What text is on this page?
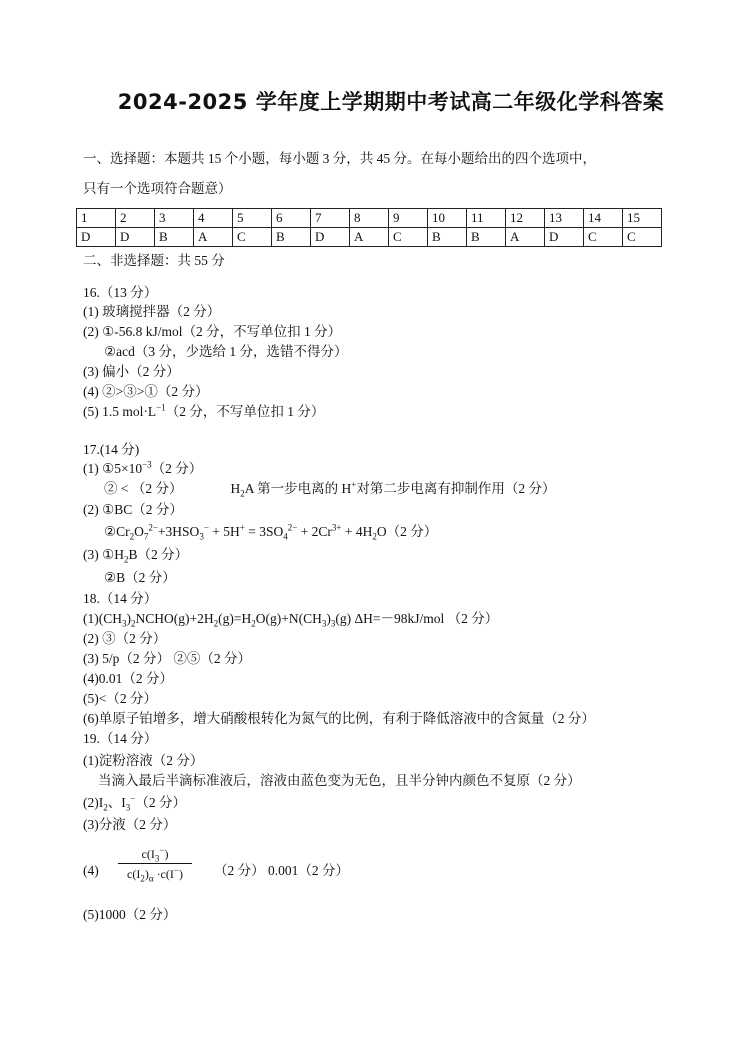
2024-2025 学年度上学期期中考试高二年级化学科答案
一、选择题：本题共 15 个小题，每小题 3 分，共 45 分。在每小题给出的四个选项中，
只有一个选项符合题意）
1	2	3	4	5	6	7	8	9	10	11	12	13	14	15
D	D	B	A	C	B	D	A	C	B	B	A	D	C	C
二、非选择题：共 55 分
16.（13 分）
(1) 玻璃搅拌器（2 分）
(2) ①-56.8 kJ/mol（2 分，不写单位扣 1 分）
②acd（3 分，少选给 1 分，选错不得分）
(3) 偏小（2 分）
(4) ②>③>①（2 分）
(5) 1.5 $mol\cdot L^{-1}(2$ 分，不写单位扣 1 分）
17.(14 分)
(1) $①5\times 10^{-3}(2$ 分）
② < （2 分）	$H_2A$ 第一步电离的 H+对第二步电离有抑制作用（2 分）
(2) ①BC（2 分）
$②Cr_2O_7^{2-}+3HSO_3^- + 5H^+ = 3SO_4^{2-} + 2Cr^{3+} + 4H_2O(2$ 分）
(3) $①H_2B(2$ 分）
②B（2 分）
18.（14 分）
$(1)(CH_3)_2NCHO(g)+2H_2(g)=H_2O(g)+N(CH_3)_3(g)$ ΔH=－98kJ/mol （2 分）
(2) ③（2 分）
(3) 5/p（2 分） ②⑤（2 分）
(4)0.01（2 分）
(5)<（2 分）
(6)单原子铂增多，增大硝酸根转化为氮气的比例，有利于降低溶液中的含氮量（2 分）
19.（14 分）
(1)淀粉溶液（2 分）
当滴入最后半滴标准液后，溶液由蓝色变为无色，且半分钟内颜色不复原（2 分）
$(2)I_2$、$I_3^-(2$ 分）
(3)分液（2 分）
(4)
$c(I_3^-)$
$c(I_2)_\alpha \cdot c(I^-)$	（2 分） 0.001（2 分）
(5)1000（2 分）
